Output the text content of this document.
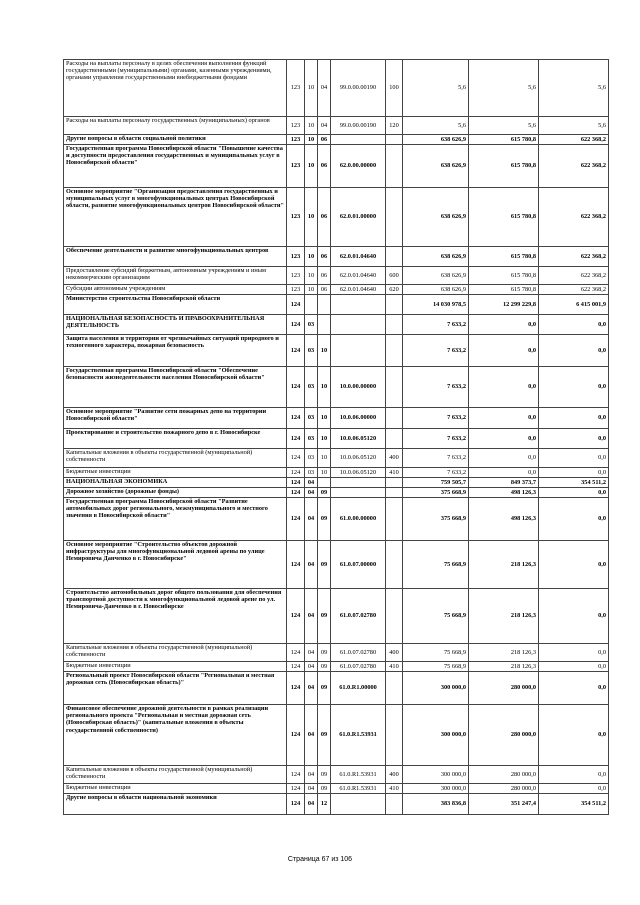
Расходы на выплаты персоналу в целях обеспечения выполнения функций государственными (муниципальными) органами, казенными учреждениями, органами управления государственными внебюджетными фондами	123	10	04	99.0.00.00190	100	5,6	5,6	5,6
Расходы на выплаты персоналу государственных (муниципальных) органов	123	10	04	99.0.00.00190	120	5,6	5,6	5,6
Другие вопросы в области социальной политики	123	10	06			638 626,9	615 780,8	622 368,2
Государственная программа Новосибирской области "Повышение качества и доступности предоставления государственных и муниципальных услуг в Новосибирской области"	123	10	06	62.0.00.00000		638 626,9	615 780,8	622 368,2
Основное мероприятие "Организация предоставления государственных и муниципальных услуг в многофункциональных центрах Новосибирской области, развитие многофункциональных центров Новосибирской области"	123	10	06	62.0.01.00000		638 626,9	615 780,8	622 368,2
Обеспечение деятельности и развитие многофункциональных центров	123	10	06	62.0.01.04640		638 626,9	615 780,8	622 368,2
Предоставление субсидий бюджетным, автономным учреждениям и иным некоммерческим организациям	123	10	06	62.0.01.04640	600	638 626,9	615 780,8	622 368,2
Субсидии автономным учреждениям	123	10	06	62.0.01.04640	620	638 626,9	615 780,8	622 368,2
Министерство строительства Новосибирской области	124					14 030 978,5	12 299 229,8	6 415 001,9
НАЦИОНАЛЬНАЯ БЕЗОПАСНОСТЬ И ПРАВООХРАНИТЕЛЬНАЯ ДЕЯТЕЛЬНОСТЬ	124	03				7 633,2	0,0	0,0
Защита населения и территории от чрезвычайных ситуаций природного и техногенного характера, пожарная безопасность	124	03	10			7 633,2	0,0	0,0
Государственная программа Новосибирской области "Обеспечение безопасности жизнедеятельности населения Новосибирской области"	124	03	10	10.0.00.00000		7 633,2	0,0	0,0
Основное мероприятие "Развитие сети пожарных депо на территории Новосибирской области"	124	03	10	10.0.06.00000		7 633,2	0,0	0,0
Проектирование и строительство пожарного депо в г. Новосибирске	124	03	10	10.0.06.05120		7 633,2	0,0	0,0
Капитальные вложения в объекты государственной (муниципальной) собственности	124	03	10	10.0.06.05120	400	7 633,2	0,0	0,0
Бюджетные инвестиции	124	03	10	10.0.06.05120	410	7 633,2	0,0	0,0
НАЦИОНАЛЬНАЯ ЭКОНОМИКА	124	04				759 505,7	849 373,7	354 511,2
Дорожное хозяйство (дорожные фонды)	124	04	09			375 668,9	498 126,3	0,0
Государственная программа Новосибирской области "Развитие автомобильных дорог регионального, межмуниципального и местного значения в Новосибирской области"	124	04	09	61.0.00.00000		375 668,9	498 126,3	0,0
Основное мероприятие "Строительство объектов дорожной инфраструктуры для многофункциональной ледовой арены по улице Немировича Данченко в г. Новосибирске"	124	04	09	61.0.07.00000		75 668,9	218 126,3	0,0
Строительство автомобильных дорог общего пользования для обеспечения транспортной доступности к многофункциональной ледовой арене по ул. Немировича-Данченко в г. Новосибирске	124	04	09	61.0.07.02780		75 668,9	218 126,3	0,0
Капитальные вложения в объекты государственной (муниципальной) собственности	124	04	09	61.0.07.02780	400	75 668,9	218 126,3	0,0
Бюджетные инвестиции	124	04	09	61.0.07.02780	410	75 668,9	218 126,3	0,0
Региональный проект Новосибирской области "Региональная и местная дорожная сеть (Новосибирская область)"	124	04	09	61.0.R1.00000		300 000,0	280 000,0	0,0
Финансовое обеспечение дорожной деятельности в рамках реализации регионального проекта "Региональная и местная дорожная сеть (Новосибирская область)" (капитальные вложения в объекты государственной собственности)	124	04	09	61.0.R1.53931		300 000,0	280 000,0	0,0
Капитальные вложения в объекты государственной (муниципальной) собственности	124	04	09	61.0.R1.53931	400	300 000,0	280 000,0	0,0
Бюджетные инвестиции	124	04	09	61.0.R1.53931	410	300 000,0	280 000,0	0,0
Другие вопросы в области национальной экономики	124	04	12			383 836,8	351 247,4	354 511,2
Страница 67 из 106
